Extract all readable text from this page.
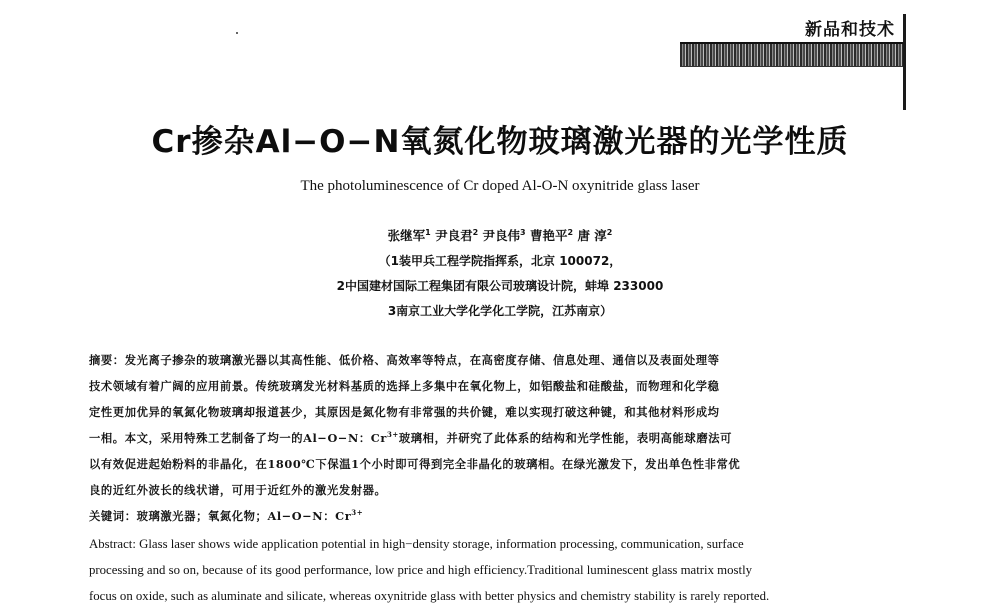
新品和技术
Cr掺杂Al−O−N氧氮化物玻璃激光器的光学性质
The photoluminescence of Cr doped Al-O-N oxynitride glass laser
张继军$^1$ 尹良君$^2$ 尹良伟$^3$ 曹艳平$^2$ 唐 淳$^2$
（1装甲兵工程学院指挥系，北京 100072，
2中国建材国际工程集团有限公司玻璃设计院，蚌埠 233000
3南京工业大学化学化工学院，江苏南京）
摘要：发光离子掺杂的玻璃激光器以其高性能、低价格、高效率等特点，在高密度存储、信息处理、通信以及表面处理等
技术领域有着广阔的应用前景。传统玻璃发光材料基质的选择上多集中在氧化物上，如铝酸盐和硅酸盐，而物理和化学稳
定性更加优异的氧氮化物玻璃却报道甚少，其原因是氮化物有非常强的共价键，难以实现打破这种键，和其他材料形成均
一相。本文，采用特殊工艺制备了均一的Al−O−N：$Cr^{3+}$玻璃相，并研究了此体系的结构和光学性能，表明高能球磨法可
以有效促进起始粉料的非晶化，在1800℃下保温1个小时即可得到完全非晶化的玻璃相。在绿光激发下，发出单色性非常优
良的近红外波长的线状谱，可用于近红外的激光发射器。
关键词：玻璃激光器；氧氮化物；Al−O−N：$Cr^{3+}$
Abstract: Glass laser shows wide application potential in high−density storage, information processing, communication, surface
processing and so on, because of its good performance, low price and high efficiency.Traditional luminescent glass matrix mostly
focus on oxide, such as aluminate and silicate, whereas oxynitride glass with better physics and chemistry stability is rarely reported.
